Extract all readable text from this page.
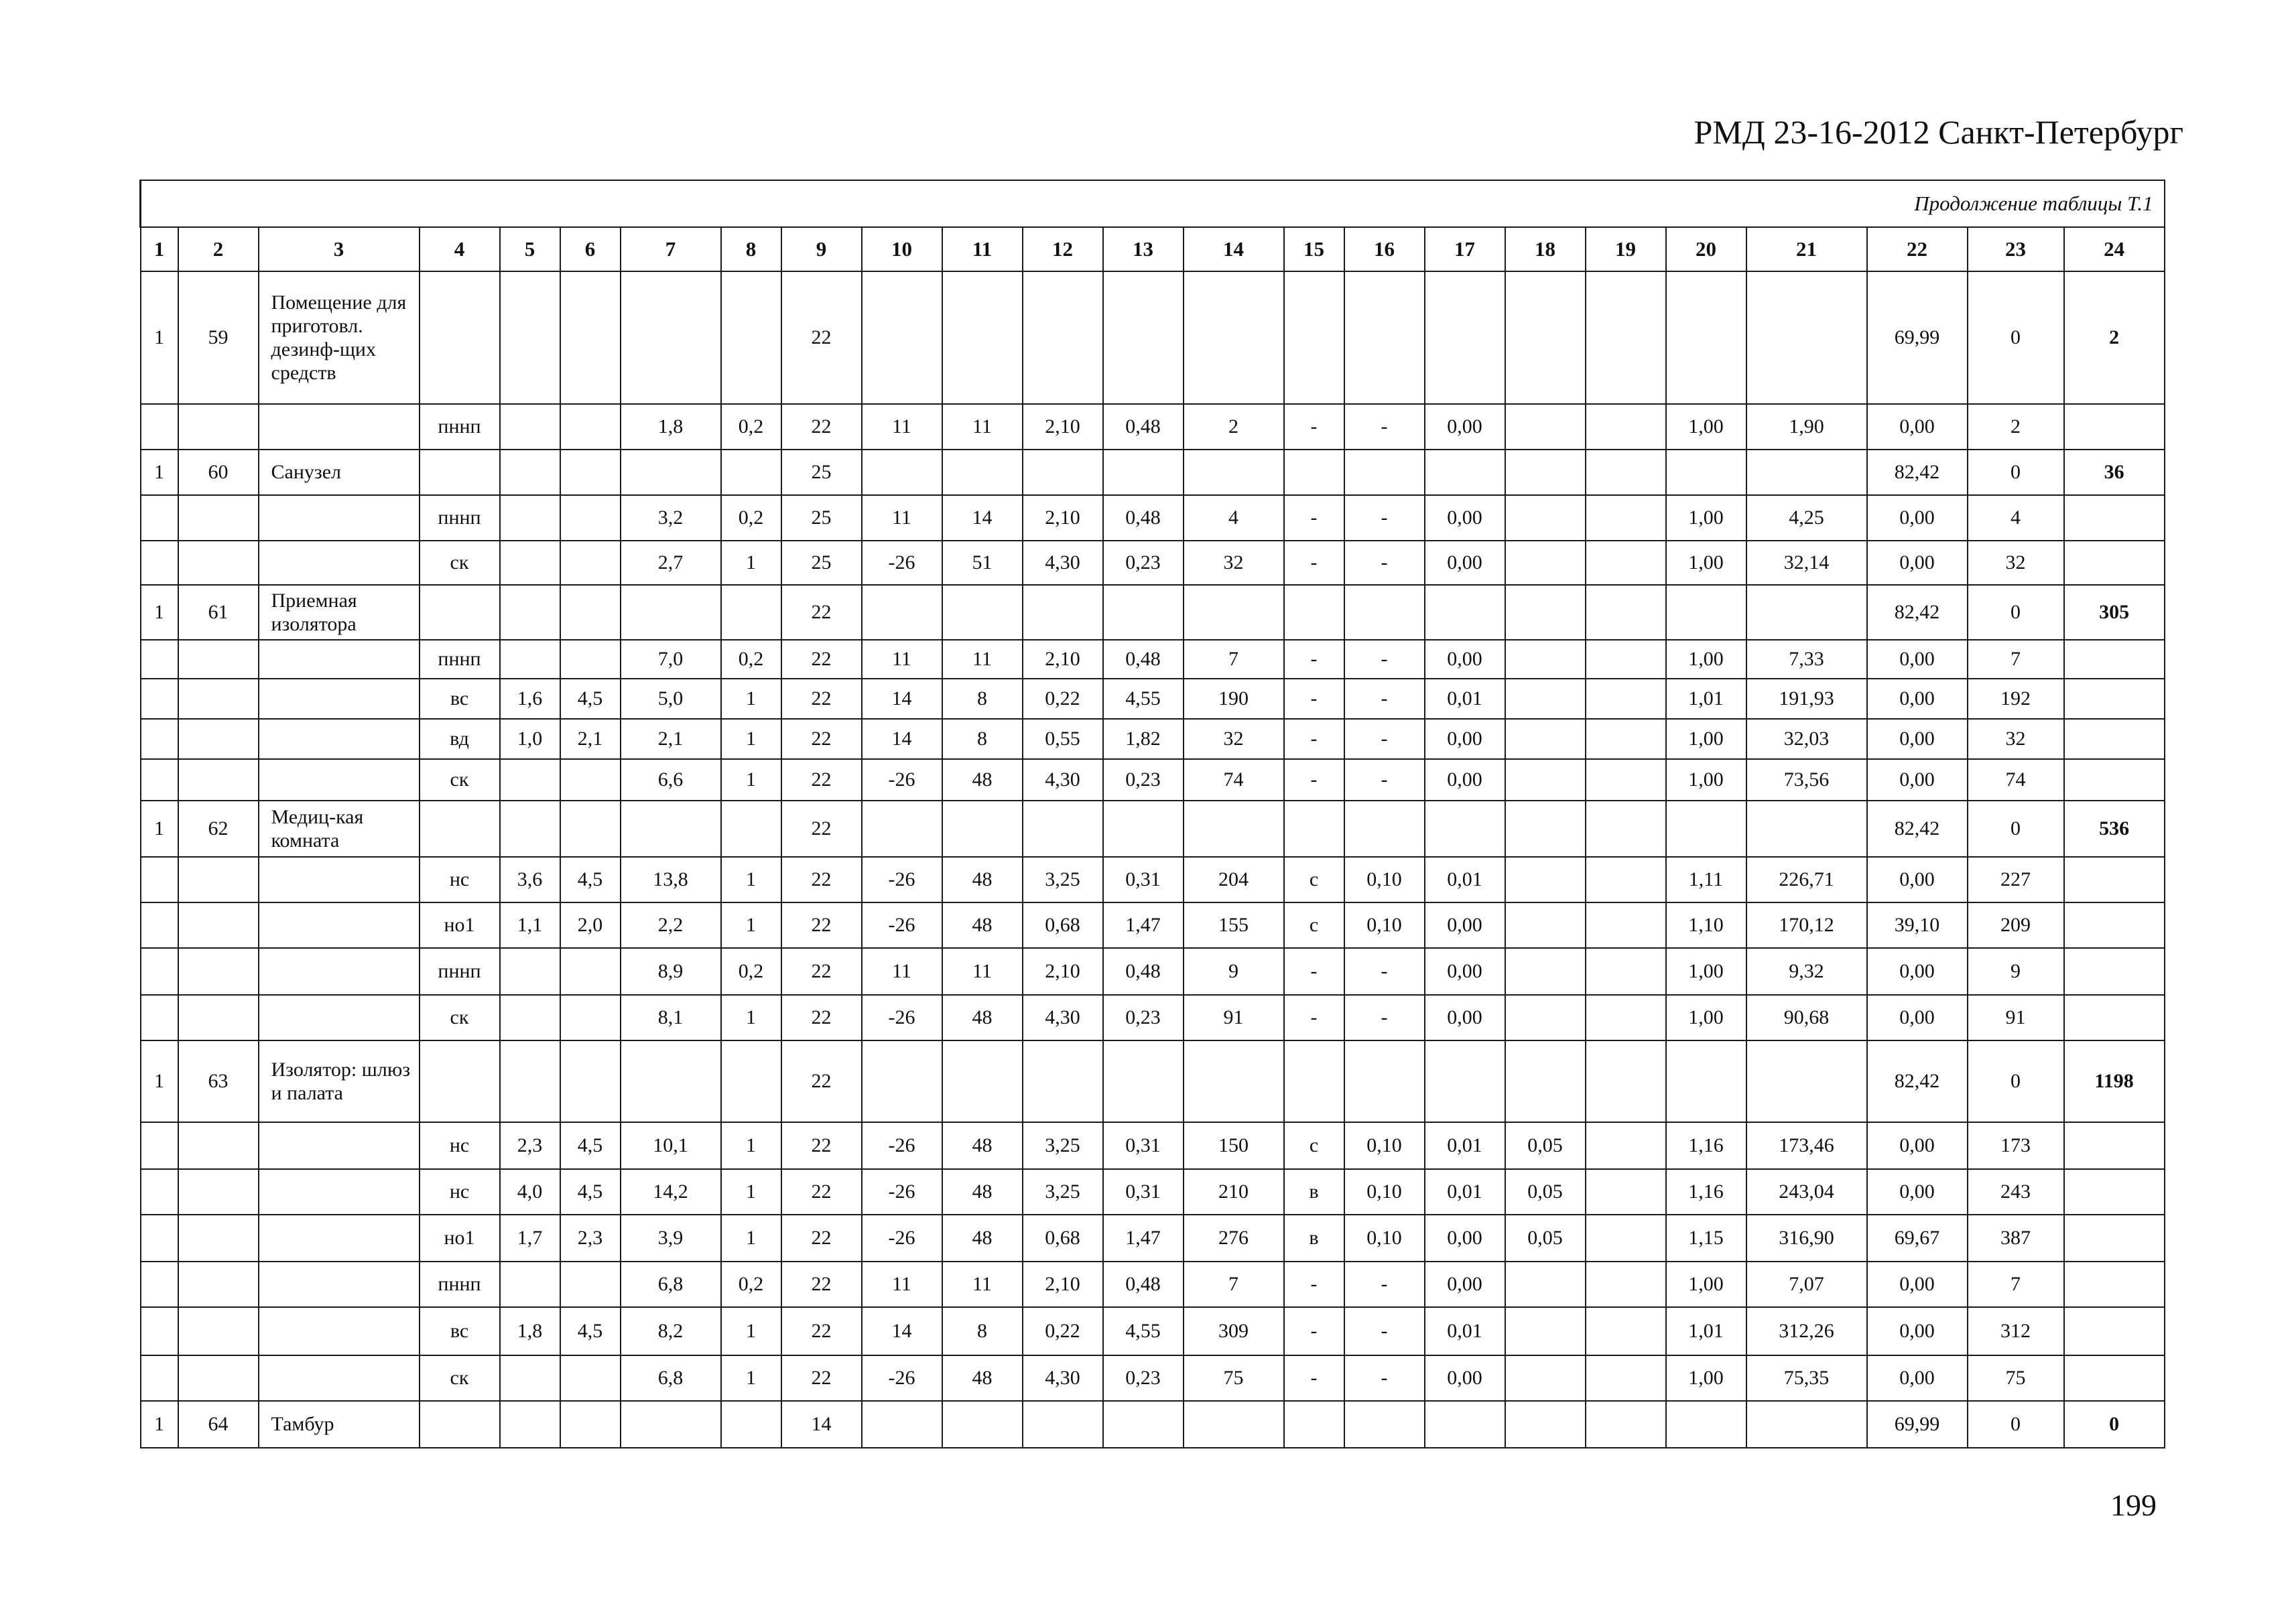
РМД 23-16-2012 Санкт-Петербург
Продолжение таблицы Т.1																							
1	2	3	4	5	6	7	8	9	10	11	12	13	14	15	16	17	18	19	20	21	22	23	24
1	59	Помещение для приготовл. дезинф-щих средств						22													69,99	0	2
			пннп			1,8	0,2	22	11	11	2,10	0,48	2	-	-	0,00			1,00	1,90	0,00	2	
1	60	Санузел						25													82,42	0	36
			пннп			3,2	0,2	25	11	14	2,10	0,48	4	-	-	0,00			1,00	4,25	0,00	4	
			ск			2,7	1	25	-26	51	4,30	0,23	32	-	-	0,00			1,00	32,14	0,00	32	
1	61	Приемная изолятора						22													82,42	0	305
			пннп			7,0	0,2	22	11	11	2,10	0,48	7	-	-	0,00			1,00	7,33	0,00	7	
			вс	1,6	4,5	5,0	1	22	14	8	0,22	4,55	190	-	-	0,01			1,01	191,93	0,00	192	
			вд	1,0	2,1	2,1	1	22	14	8	0,55	1,82	32	-	-	0,00			1,00	32,03	0,00	32	
			ск			6,6	1	22	-26	48	4,30	0,23	74	-	-	0,00			1,00	73,56	0,00	74	
1	62	Медиц-кая комната						22													82,42	0	536
			нс	3,6	4,5	13,8	1	22	-26	48	3,25	0,31	204	с	0,10	0,01			1,11	226,71	0,00	227	
			но1	1,1	2,0	2,2	1	22	-26	48	0,68	1,47	155	с	0,10	0,00			1,10	170,12	39,10	209	
			пннп			8,9	0,2	22	11	11	2,10	0,48	9	-	-	0,00			1,00	9,32	0,00	9	
			ск			8,1	1	22	-26	48	4,30	0,23	91	-	-	0,00			1,00	90,68	0,00	91	
1	63	Изолятор: шлюз и палата						22													82,42	0	1198
			нс	2,3	4,5	10,1	1	22	-26	48	3,25	0,31	150	с	0,10	0,01	0,05		1,16	173,46	0,00	173	
			нс	4,0	4,5	14,2	1	22	-26	48	3,25	0,31	210	в	0,10	0,01	0,05		1,16	243,04	0,00	243	
			но1	1,7	2,3	3,9	1	22	-26	48	0,68	1,47	276	в	0,10	0,00	0,05		1,15	316,90	69,67	387	
			пннп			6,8	0,2	22	11	11	2,10	0,48	7	-	-	0,00			1,00	7,07	0,00	7	
			вс	1,8	4,5	8,2	1	22	14	8	0,22	4,55	309	-	-	0,01			1,01	312,26	0,00	312	
			ск			6,8	1	22	-26	48	4,30	0,23	75	-	-	0,00			1,00	75,35	0,00	75	
1	64	Тамбур						14													69,99	0	0
199
